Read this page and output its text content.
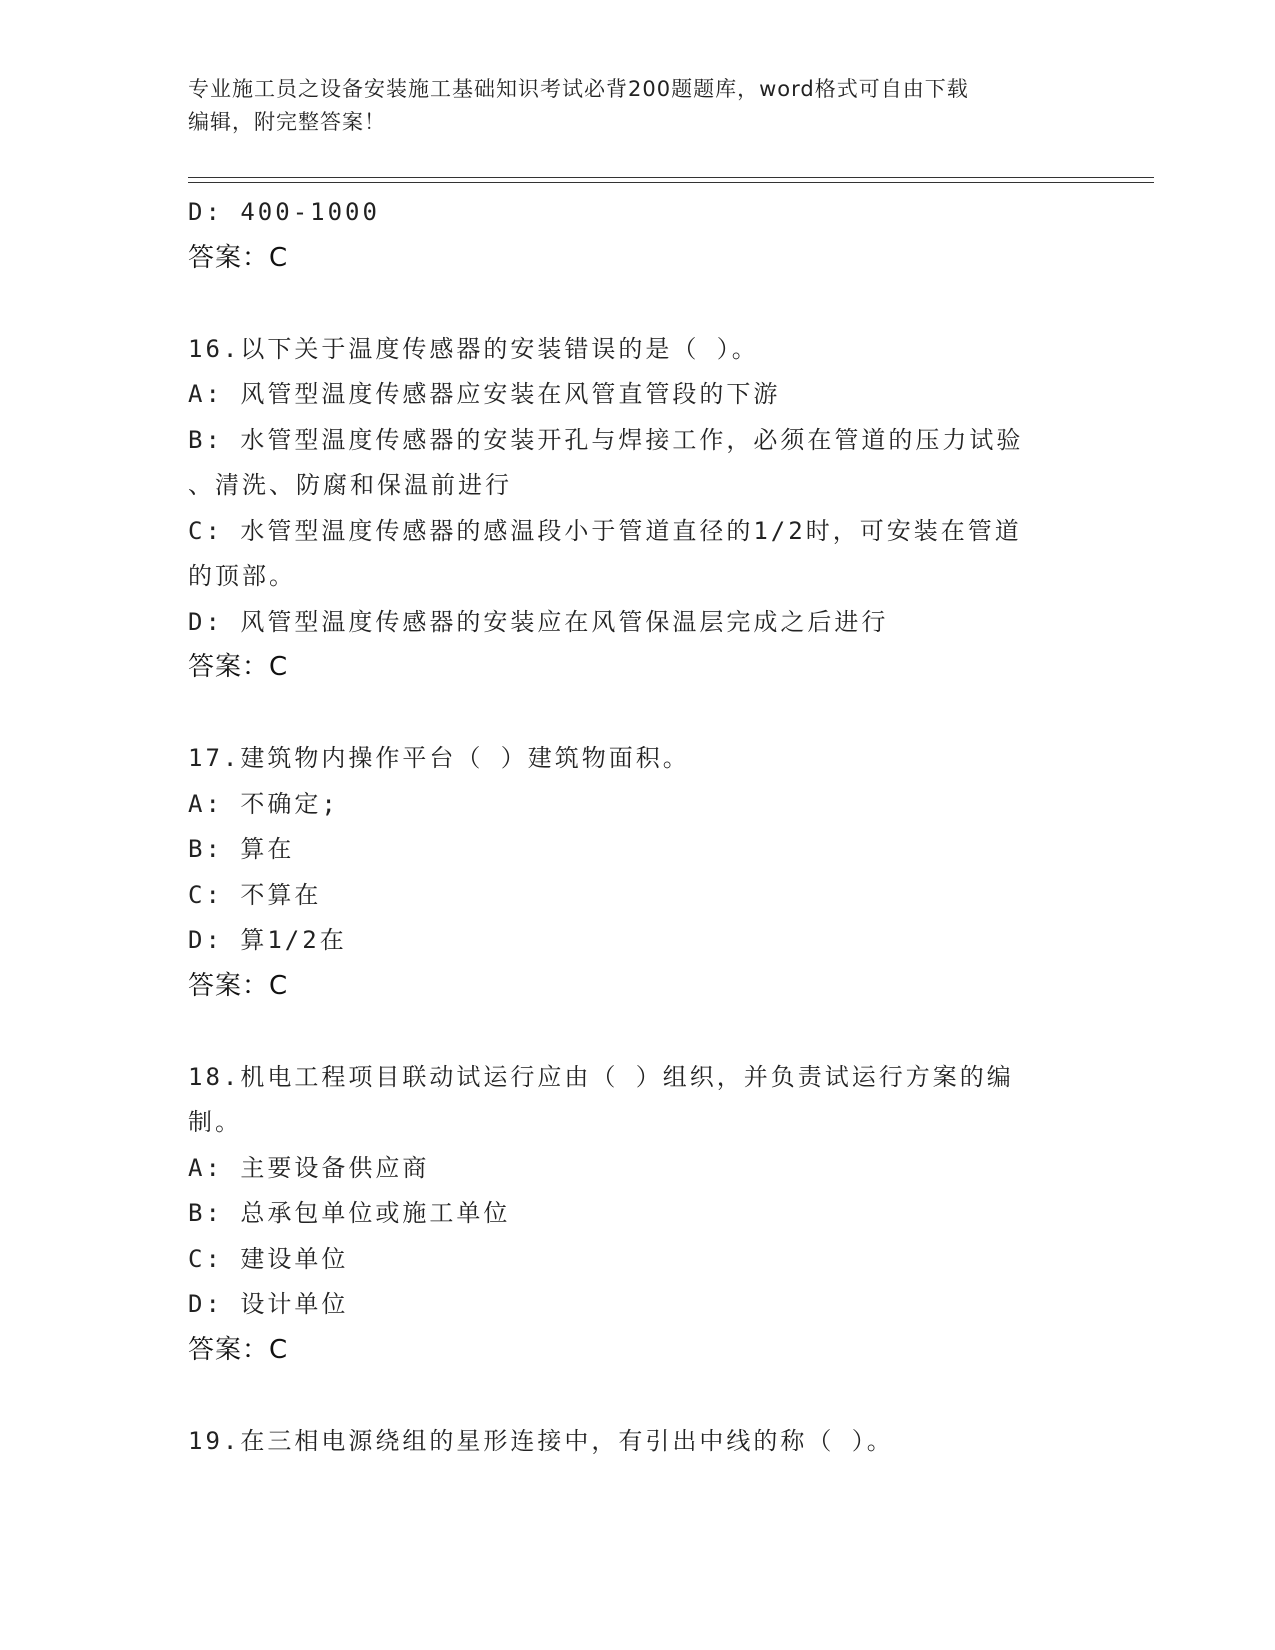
专业施工员之设备安装施工基础知识考试必背200题题库，word格式可自由下载
编辑，附完整答案！
D: 400-1000
答案：C
16.以下关于温度传感器的安装错误的是（ ）。
A: 风管型温度传感器应安装在风管直管段的下游
B: 水管型温度传感器的安装开孔与焊接工作，必须在管道的压力试验
、清洗、防腐和保温前进行
C: 水管型温度传感器的感温段小于管道直径的1/2时，可安装在管道
的顶部。
D: 风管型温度传感器的安装应在风管保温层完成之后进行
答案：C
17.建筑物内操作平台（ ）建筑物面积。
A: 不确定;
B: 算在
C: 不算在
D: 算1/2在
答案：C
18.机电工程项目联动试运行应由（ ）组织，并负责试运行方案的编
制。
A: 主要设备供应商
B: 总承包单位或施工单位
C: 建设单位
D: 设计单位
答案：C
19.在三相电源绕组的星形连接中，有引出中线的称（ ）。
